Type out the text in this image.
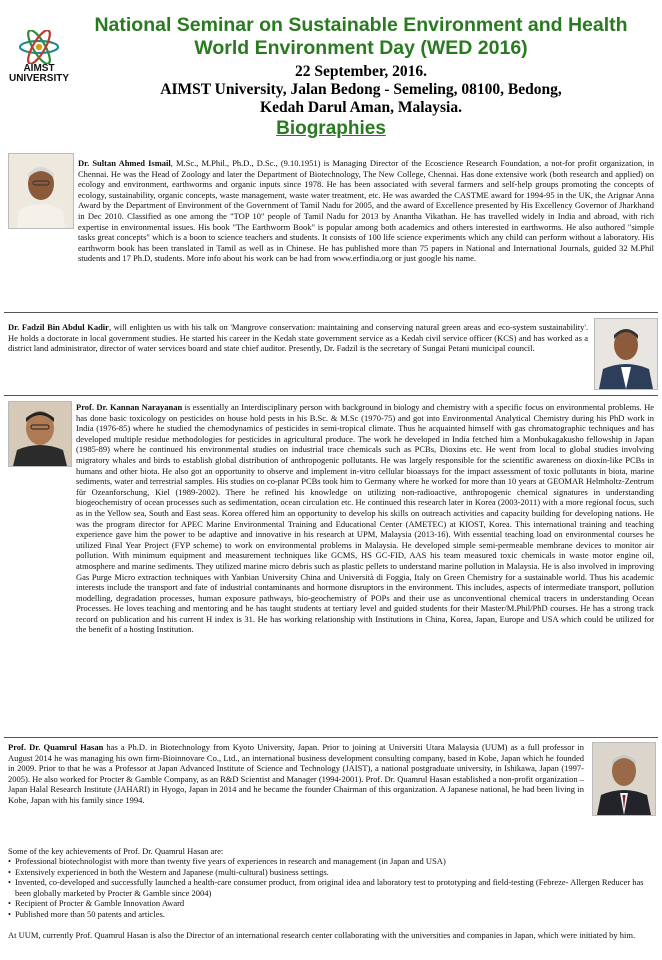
AIMST
UNIVERSITY
National Seminar on Sustainable Environment and Health
World Environment Day (WED 2016)
22 September, 2016.
AIMST University, Jalan Bedong - Semeling, 08100, Bedong,
Kedah Darul Aman, Malaysia.
Biographies

Dr. Sultan Ahmed Ismail, M.Sc., M.Phil., Ph.D., D.Sc., (9.10.1951) is Managing Director of the Ecoscience Research Foundation, a not-for profit organization, in Chennai. He was the Head of Zoology and later the Department of Biotechnology, The New College, Chennai. Has done extensive work (both research and applied) on ecology and environment, earthworms and organic inputs since 1978. He has been associated with several farmers and self-help groups promoting the concepts of ecology, sustainability, organic concepts, waste management, waste water treatment, etc. He was awarded the CASTME award for 1994-95 in the UK, the Arignar Anna Award by the Department of Environment of the Government of Tamil Nadu for 2005, and the award of Excellence presented by His Excellency Governor of Jharkhand in Dec 2010. Classified as one among the "TOP 10" people of Tamil Nadu for 2013 by Anantha Vikathan. He has travelled widely in India and abroad, with rich expertise in environmental issues. His book "The Earthworm Book" is popular among both academics and others interested in earthworms. He also authored "simple tasks great concepts" which is a boon to science teachers and students. It consists of 100 life science experiments which any child can perform without a laboratory. His earthworm book has been translated in Tamil as well as in Chinese. He has published more than 75 papers in National and International Journals, guided 32 M.Phil students and 17 Ph.D, students. More info about his work can be had from www.erfindia.org or just google his name.

Dr. Fadzil Bin Abdul Kadir, will enlighten us with his talk on 'Mangrove conservation: maintaining and conserving natural green areas and eco-system sustainability'. He holds a doctorate in local government studies. He started his career in the Kedah state government service as a Kedah civil service officer (KCS) and has worked as a district land administrator, director of water services board and state chief auditor. Presently, Dr. Fadzil is the secretary of Sungai Petani municipal council.

Prof. Dr. Kannan Narayanan is essentially an Interdisciplinary person with background in biology and chemistry with a specific focus on environmental problems. He has done basic toxicology on pesticides on house hold pests in his B.Sc. & M.Sc (1970-75) and got into Environmental Analytical Chemistry during his PhD work in India (1976-85) where he studied the chemodynamics of pesticides in semi-tropical climate. Thus he acquainted himself with gas chromatographic techniques and has developed multiple residue methodologies for pesticides in agricultural produce. The work he developed in India fetched him a Monbukagakusho fellowship in Japan (1985-89) where he continued his environmental studies on industrial trace chemicals such as PCBs, Dioxins etc. He went from local to global studies involving migratory whales and birds to establish global distribution of anthropogenic pollutants. He was largely responsible for the scientific awareness on dioxin-like PCBs in humans and other biota. He also got an opportunity to observe and implement in-vitro cellular bioassays for the impact assessment of toxic pollutants in biota, marine sediments, water and terrestrial samples. His studies on co-planar PCBs took him to Germany where he worked for more than 10 years at GEOMAR Helmholtz-Zentrum für Ozeanforschung, Kiel (1989-2002). There he refined his knowledge on utilizing non-radioactive, anthropogenic chemical signatures in understanding biogeochemistry of ocean processes such as sedimentation, ocean circulation etc. He continued this research later in Korea (2003-2011) with a more regional focus, such as in the Yellow sea, South and East seas. Korea offered him an opportunity to develop his skills on outreach activities and capacity building for developing nations. He was the program director for APEC Marine Environmental Training and Educational Center (AMETEC) at KIOST, Korea. This international training and teaching experience gave him the power to be adaptive and innovative in his research at UPM, Malaysia (2013-16). With essential teaching load on environmental courses he utilized Final Year Project (FYP scheme) to work on environmental problems in Malaysia. He developed simple semi-permeable membrane devices to monitor air pollution. With minimum equipment and measurement techniques like GCMS, HS GC-FID, AAS his team measured toxic chemicals in waste motor engine oil, atmosphere and marine sediments. They utilized marine micro debris such as plastic pellets to understand marine pollution in Malaysia. He is also involved in improving Gas Purge Micro extraction techniques with Yanbian University China and Università di Foggia, Italy on Green Chemistry for a sustainable world. Thus his academic interests include the transport and fate of industrial contaminants and hormone disruptors in the environment. This includes, aspects of intermediate transport, pollution modelling, degradation processes, human exposure pathways, bio-geochemistry of POPs and their use as unconventional chemical tracers in understanding Ocean Processes. He loves teaching and mentoring and he has taught students at tertiary level and guided students for their Master/M.Phil/PhD courses. He has a strong track record on publication and his current H index is 31. He has working relationship with Institutions in China, Korea, Japan, Europe and USA which could be utilized for the benefit of a hosting Institution.

Prof. Dr. Quamrul Hasan has a Ph.D. in Biotechnology from Kyoto University, Japan. Prior to joining at Universiti Utara Malaysia (UUM) as a full professor in August 2014 he was managing his own firm-Bioinnovare Co., Ltd., an international business development consulting company, based in Kobe, Japan which he founded in 2009. Prior to that he was a Professor at Japan Advanced Institute of Science and Technology (JAIST), a national postgraduate university, in Ishikawa, Japan (1997-2005). He also worked for Procter & Gamble Company, as an R&D Scientist and Manager (1994-2001). Prof. Dr. Quamrul Hasan established a non-profit organization – Japan Halal Research Institute (JAHARI) in Hyogo, Japan in 2014 and he became the founder Chairman of this organization. A Japanese national, he had been living in Kobe, Japan with his family since 1994.

Some of the key achievements of Prof. Dr. Quamrul Hasan are:

• Professional biotechnologist with more than twenty five years of experiences in research and management (in Japan and USA)
• Extensively experienced in both the Western and Japanese (multi-cultural) business settings.
• Invented, co-developed and successfully launched a health-care consumer product, from original idea and laboratory test to prototyping and field-testing (Febreze- Allergen Reducer has been globally marketed by Procter & Gamble since 2004)
• Recipient of Procter & Gamble Innovation Award
• Published more than 50 patents and articles.

At UUM, currently Prof. Quamrul Hasan is also the Director of an international research center collaborating with the universities and companies in Japan, which were initiated by him.
